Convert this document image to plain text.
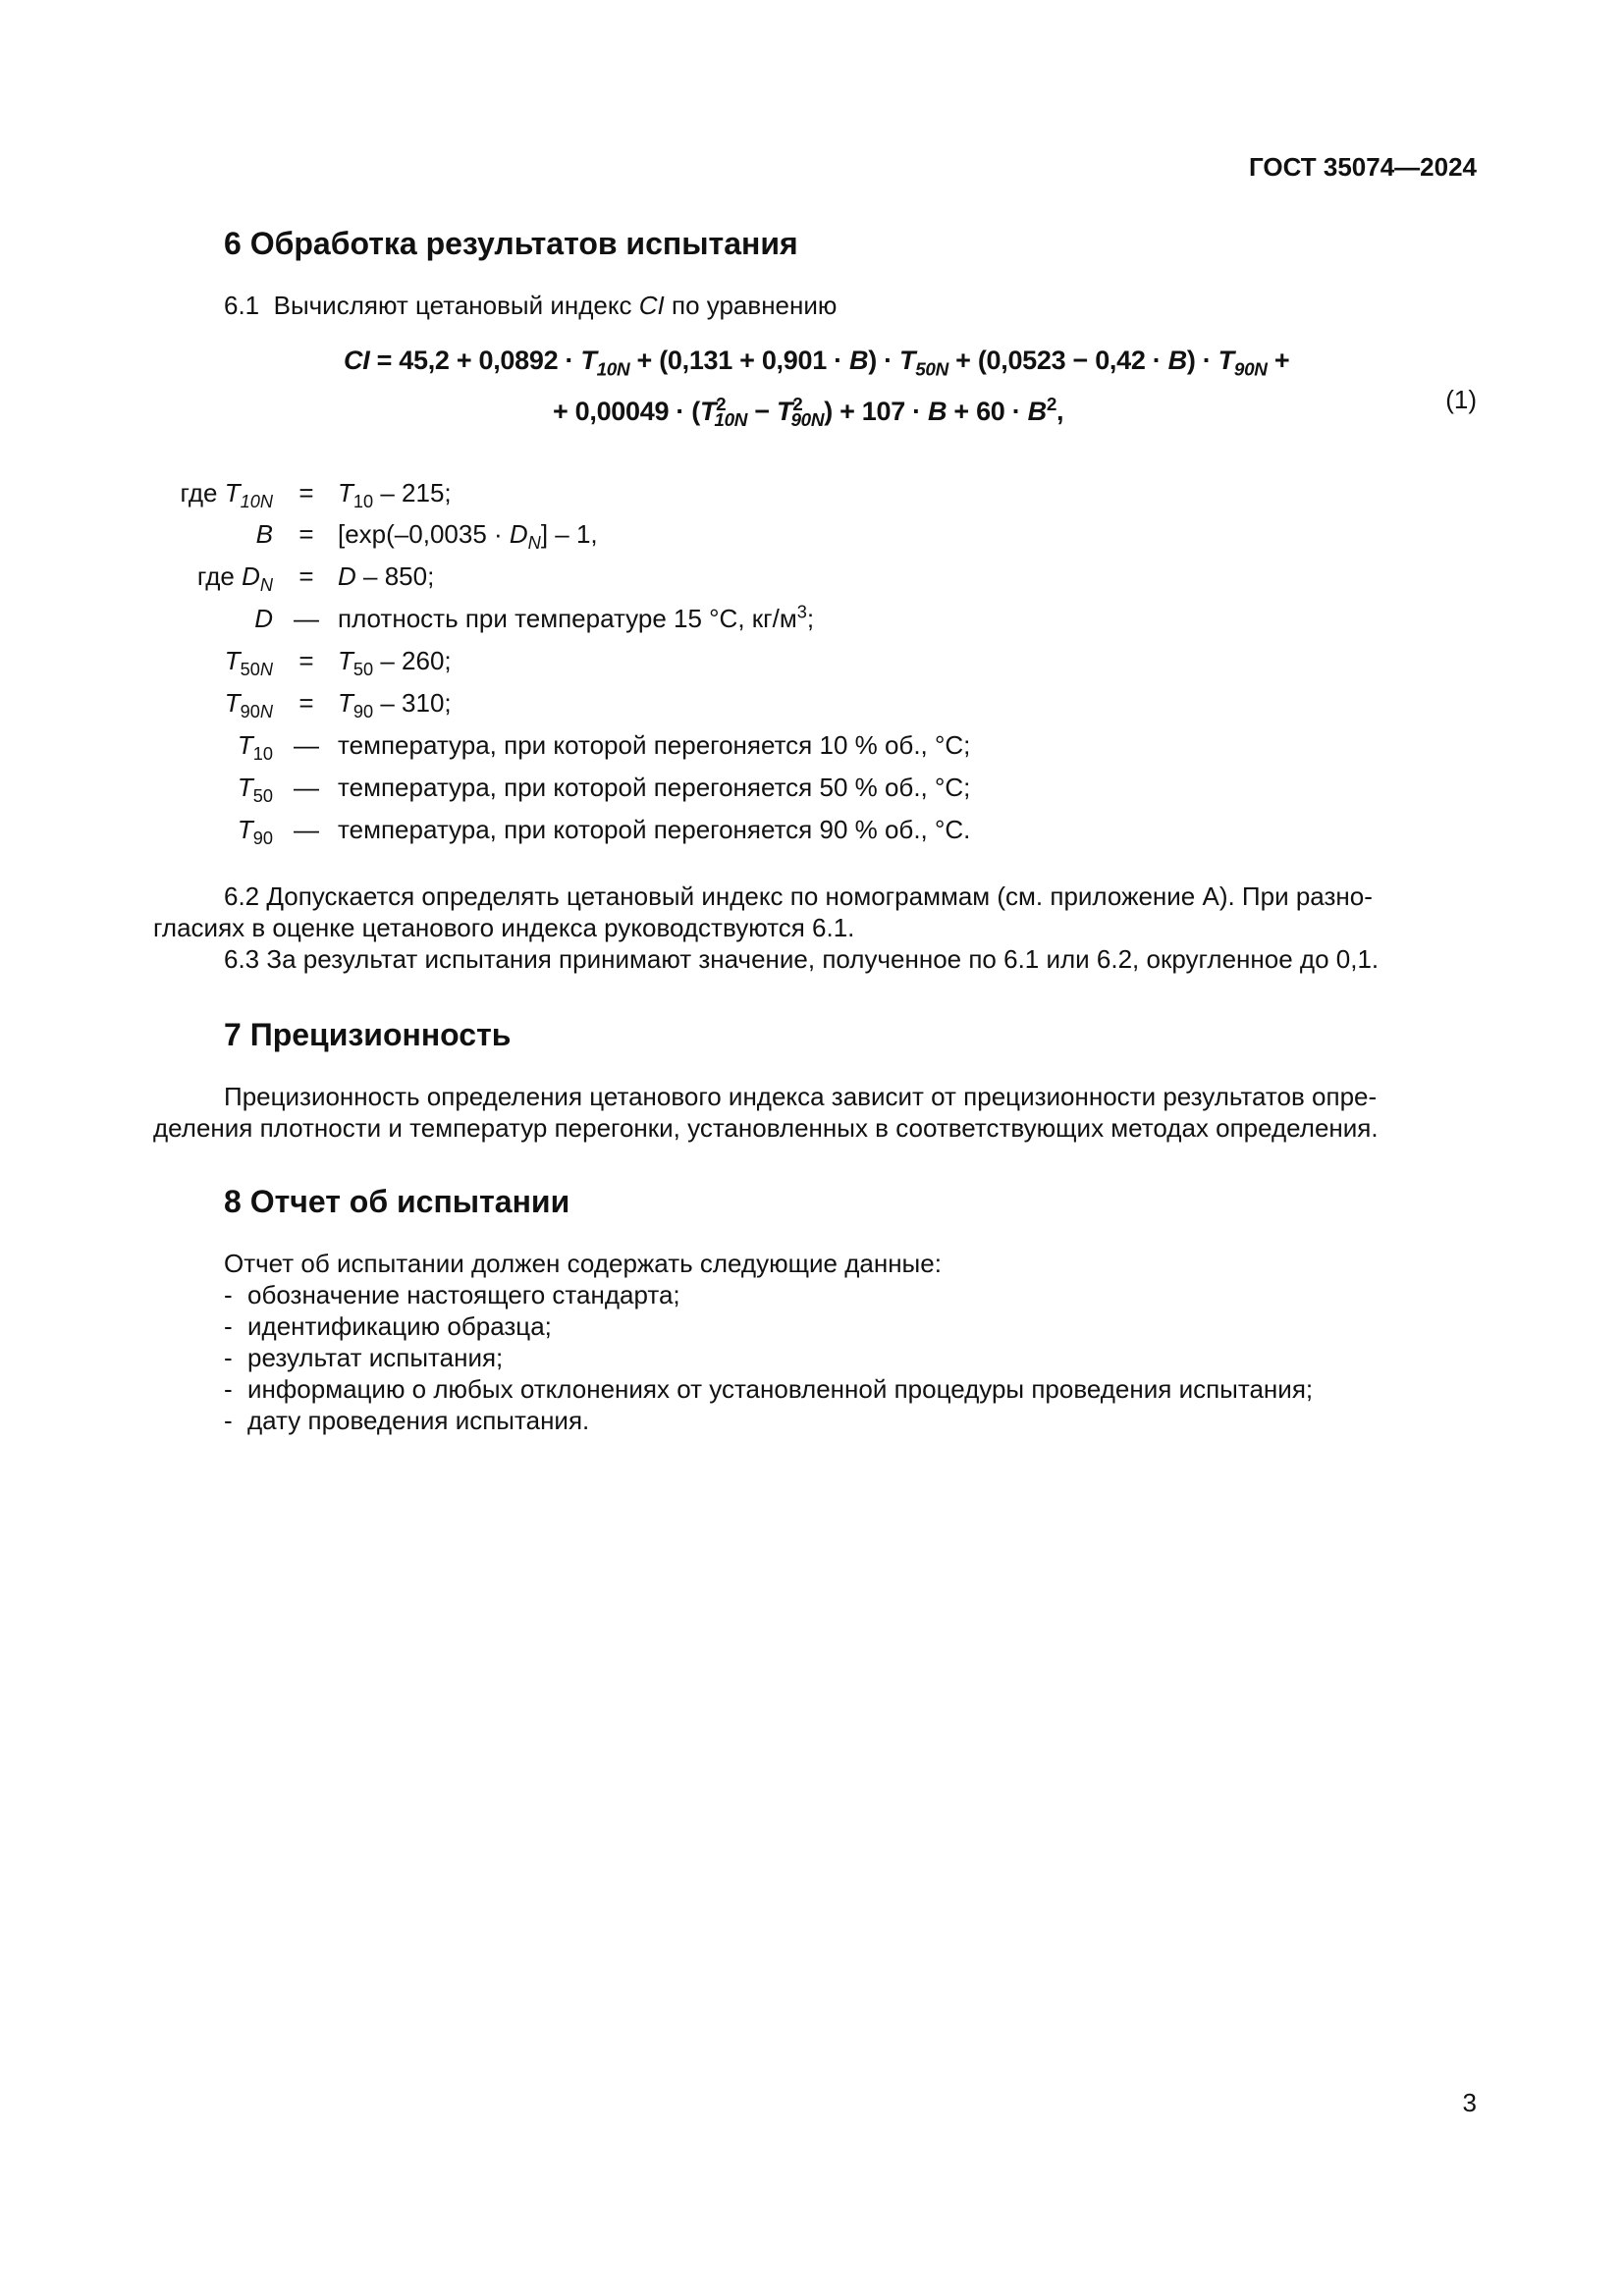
ГОСТ 35074—2024
6 Обработка результатов испытания
6.1 Вычисляют цетановый индекс CI по уравнению
CI = $45,2 + 0,0892 \cdot T_{10N} + (0,131 + 0,901 \cdot B) \cdot T_{50N} + (0,0523 - 0,42 \cdot B) \cdot T_{90N}$ +
+ $0,00049 \cdot (T^2_{10N} - T^2_{90N}) + 107 \cdot B + 60 \cdot B^2$,	(1)
где $T_{10N} = T_{10} - 215$;
$B = [\exp(-0,0035 \cdot D_N] - 1$,
где $D_N = D - 850$;
D — плотность при температуре 15 °С, $кг/м^3$;
$T_{50N} = T_{50} - 260$;
$T_{90N} = T_{90} - 310$;
$T_{10}$ — температура, при которой перегоняется 10 % об., °С;
$T_{50}$ — температура, при которой перегоняется 50 % об., °С;
$T_{90}$ — температура, при которой перегоняется 90 % об., °С.
6.2 Допускается определять цетановый индекс по номограммам (см. приложение А). При разно-
гласиях в оценке цетанового индекса руководствуются 6.1.
6.3 За результат испытания принимают значение, полученное по 6.1 или 6.2, округленное до 0,1.
7 Прецизионность
Прецизионность определения цетанового индекса зависит от прецизионности результатов опре-
деления плотности и температур перегонки, установленных в соответствующих методах определения.
8 Отчет об испытании
Отчет об испытании должен содержать следующие данные:
- обозначение настоящего стандарта;
- идентификацию образца;
- результат испытания;
- информацию о любых отклонениях от установленной процедуры проведения испытания;
- дату проведения испытания.
3
